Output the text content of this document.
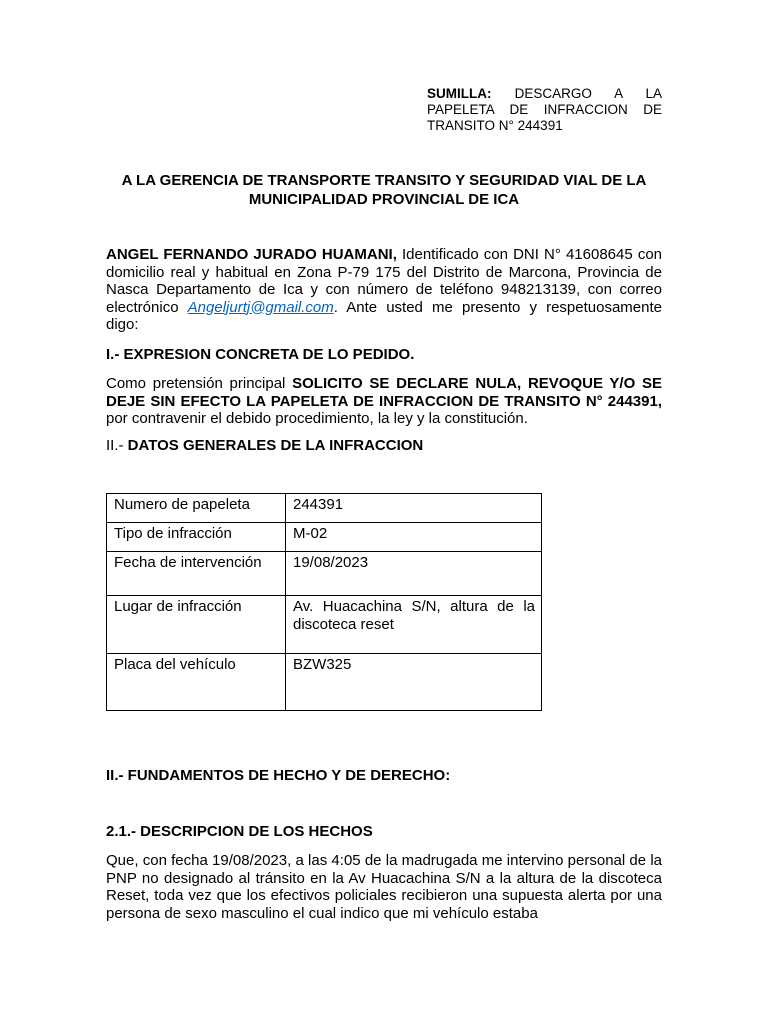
SUMILLA: DESCARGO A LA PAPELETA DE INFRACCION DE TRANSITO N° 244391
A LA GERENCIA DE TRANSPORTE TRANSITO Y SEGURIDAD VIAL DE LA
MUNICIPALIDAD PROVINCIAL DE ICA
ANGEL FERNANDO JURADO HUAMANI, Identificado con DNI N° 41608645 con domicilio real y habitual en Zona P-79 175 del Distrito de Marcona, Provincia de Nasca Departamento de Ica y con número de teléfono 948213139, con correo electrónico Angeljurtj@gmail.com. Ante usted me presento y respetuosamente digo:
I.- EXPRESION CONCRETA DE LO PEDIDO.
Como pretensión principal SOLICITO SE DECLARE NULA, REVOQUE Y/O SE DEJE SIN EFECTO LA PAPELETA DE INFRACCION DE TRANSITO N° 244391, por contravenir el debido procedimiento, la ley y la constitución.
II.- DATOS GENERALES DE LA INFRACCION
Numero de papeleta	244391
Tipo de infracción	M-02
Fecha de intervención	19/08/2023
Lugar de infracción	Av. Huacachina S/N, altura de la discoteca reset
Placa del vehículo	BZW325
II.- FUNDAMENTOS DE HECHO Y DE DERECHO:
2.1.- DESCRIPCION DE LOS HECHOS
Que, con fecha 19/08/2023, a las 4:05 de la madrugada me intervino personal de la PNP no designado al tránsito en la Av Huacachina S/N a la altura de la discoteca Reset, toda vez que los efectivos policiales recibieron una supuesta alerta por una persona de sexo masculino el cual indico que mi vehículo estaba
